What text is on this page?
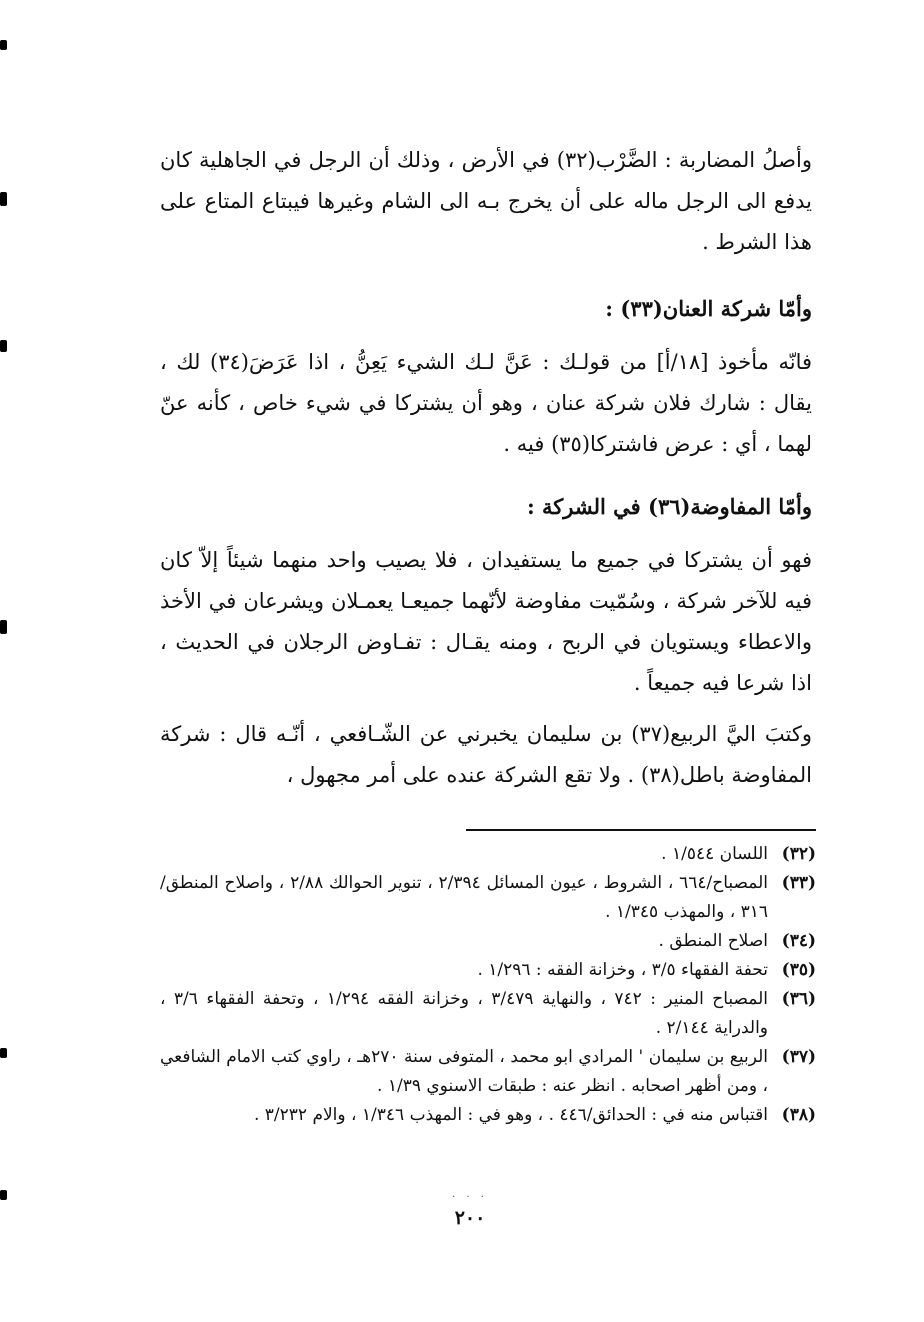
وأصلُ المضاربة : الضَّرْب(٣٢) في الأرض ، وذلك أن الرجل في الجاهلية كان يدفع الى الرجل ماله على أن يخرج بـه الى الشام وغيرها فيبتاع المتاع على هذا الشرط .

وأمّا شركة العنان(٣٣) :

فانّه مأخوذ [١٨/أ] من قولـك : عَنَّ لـك الشيء يَعِنُّ ، اذا عَرَضَ(٣٤) لك ، يقال : شارك فلان شركة عنان ، وهو أن يشتركا في شيء خاص ، كأنه عنّ لهما ، أي : عرض فاشتركا(٣٥) فيه .

وأمّا المفاوضة(٣٦) في الشركة :

فهو أن يشتركا في جميع ما يستفيدان ، فلا يصيب واحد منهما شيئاً إلاّ كان فيه للآخر شركة ، وسُمّيت مفاوضة لأنّهما جميعـا يعمـلان ويشرعان في الأخذ والاعطاء ويستويان في الربح ، ومنه يقـال : تفـاوض الرجلان في الحديث ، اذا شرعا فيه جميعاً .

وكتبَ اليَّ الربيع(٣٧) بن سليمان يخبرني عن الشّـافعي ، أنّـه قال : شركة المفاوضة باطل(٣٨) . ولا تقع الشركة عنده على أمر مجهول ،

(٣٢)
اللسان ١/٥٤٤ .
(٣٣)
المصباح/٦٦٤ ، الشروط ، عيون المسائل ٢/٣٩٤ ، تنوير الحوالك ٢/٨٨ ، واصلاح المنطق/٣١٦ ، والمهذب ١/٣٤٥ .
(٣٤)
اصلاح المنطق .
(٣٥)
تحفة الفقهاء ٣/٥ ، وخزانة الفقه : ١/٢٩٦ .
(٣٦)
المصباح المنير : ٧٤٢ ، والنهاية ٣/٤٧٩ ، وخزانة الفقه ١/٢٩٤ ، وتحفة الفقهاء ٣/٦ ، والدراية ٢/١٤٤ .
(٣٧)
الربيع بن سليمان ' المرادي ابو محمد ، المتوفى سنة ٢٧٠هـ ، راوي كتب الامام الشافعي ، ومن أظهر اصحابه . انظر عنه : طبقات الاسنوي ١/٣٩ .
(٣٨)
اقتباس منه في : الحدائق/٤٤٦ . ، وهو في : المهذب ١/٣٤٦ ، والام ٣/٢٣٢ .
· · ·
٢٠٠
